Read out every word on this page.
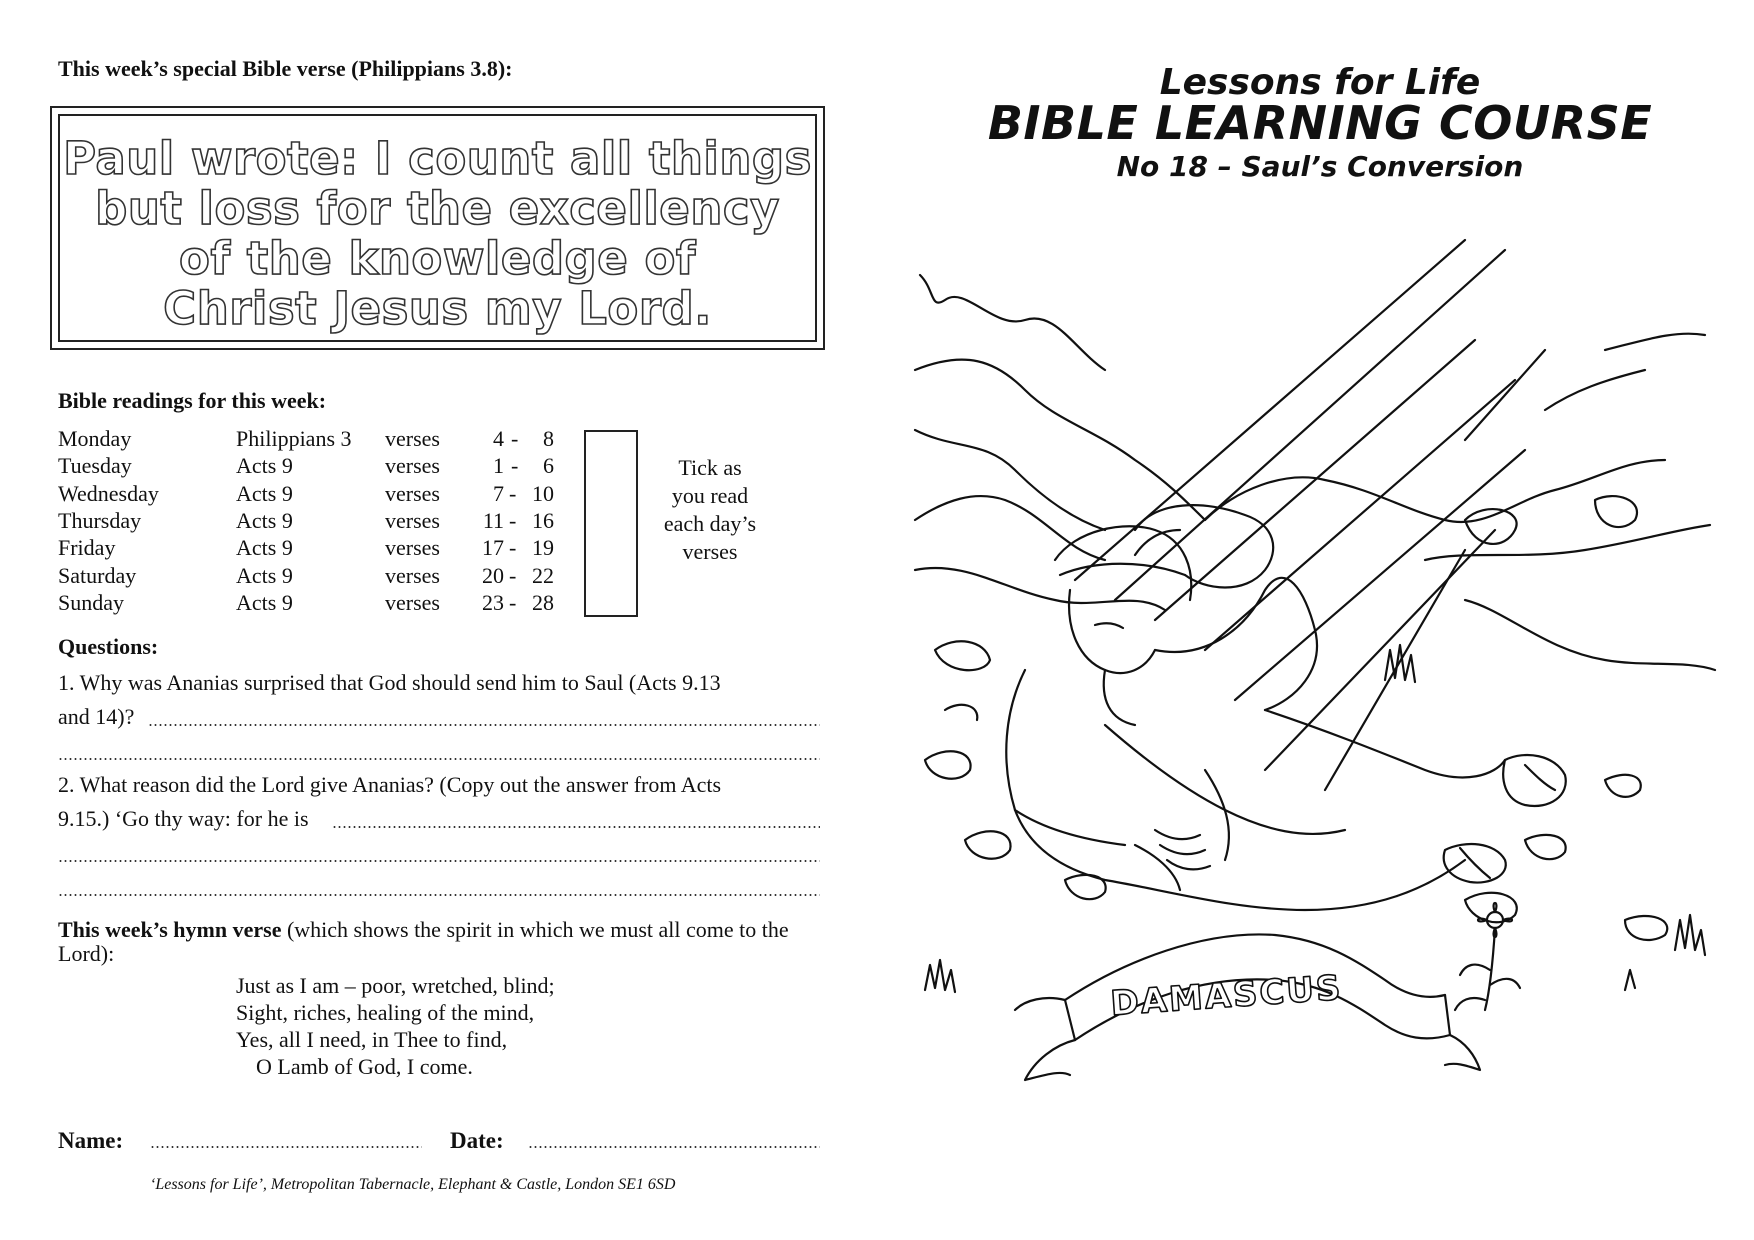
This week’s special Bible verse (Philippians 3.8):
Paul wrote: I count all things
but loss for the excellency
of the knowledge of
Christ Jesus my Lord.
Bible readings for this week:
Monday	Philippians 3 verses	4 -	8
Tuesday	Acts 9	verses	1 -	6
Wednesday	Acts 9	verses	7 - 10
Thursday	Acts 9	verses	11 - 16
Friday	Acts 9	verses	17 - 19
Saturday	Acts 9	verses	20 - 22
Sunday	Acts 9	verses	23 - 28
Tick as
you read
each day’s
verses
Questions:
1. Why was Ananias surprised that God should send him to Saul (Acts 9.13
and 14)?
2. What reason did the Lord give Ananias? (Copy out the answer from Acts
9.15.) ‘Go thy way: for he is
This week’s hymn verse (which shows the spirit in which we must all come to the Lord):
Just as I am – poor, wretched, blind;
Sight, riches, healing of the mind,
Yes, all I need, in Thee to find,
O Lamb of God, I come.
Name:	Date:
‘Lessons for Life’, Metropolitan Tabernacle, Elephant & Castle, London SE1 6SD
Lessons for Life
BIBLE LEARNING COURSE
No 18 – Saul’s Conversion
DAMASCUS
